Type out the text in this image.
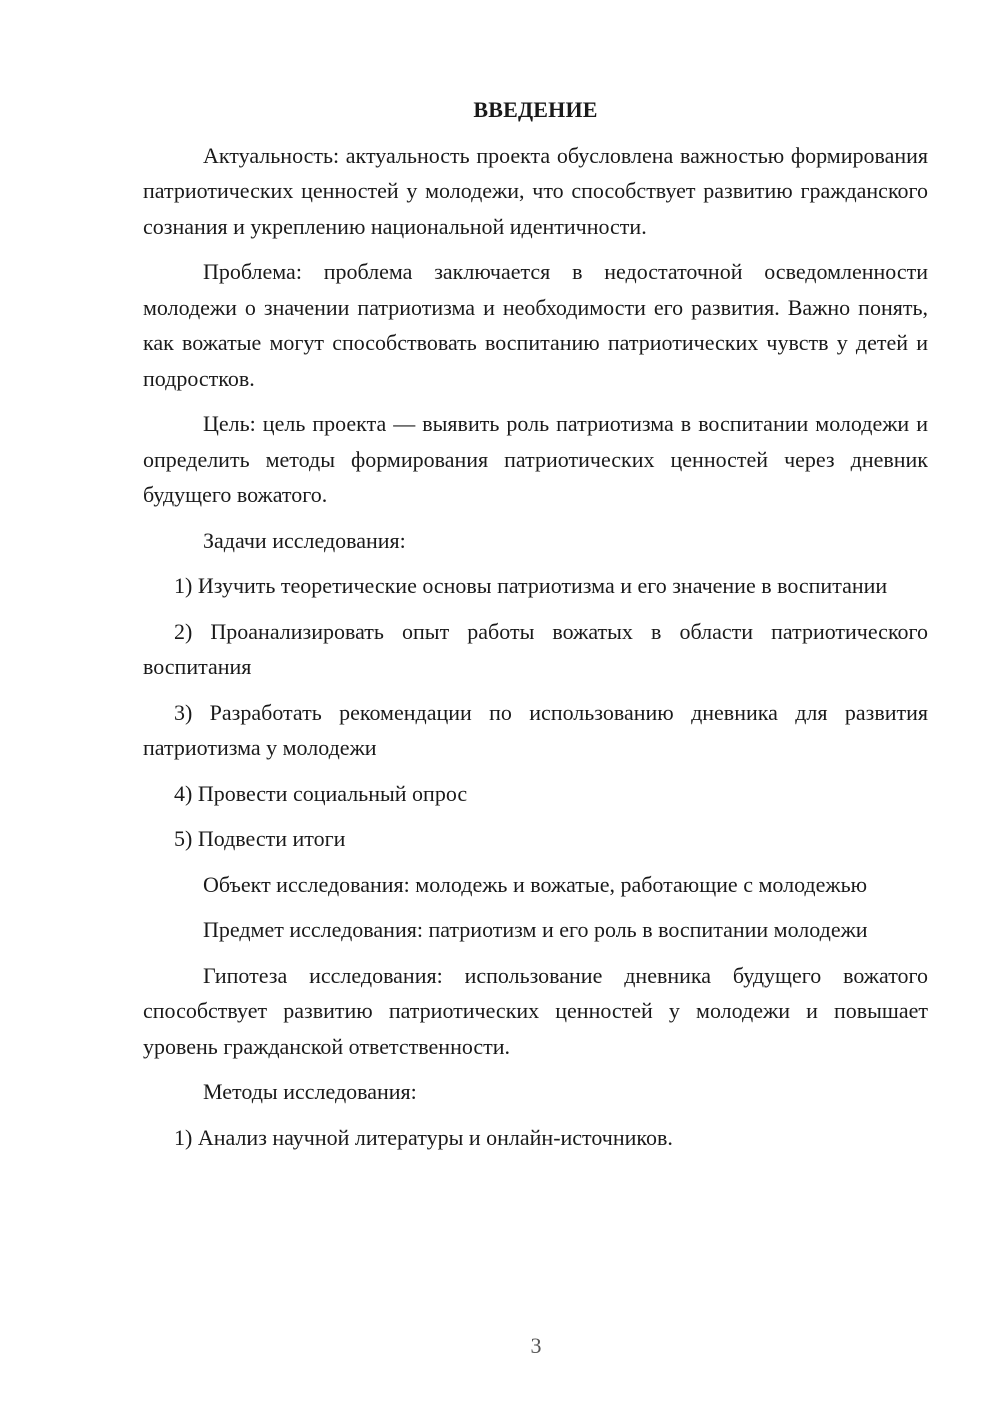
ВВЕДЕНИЕ
Актуальность: актуальность проекта обусловлена важностью формирования патриотических ценностей у молодежи, что способствует развитию гражданского сознания и укреплению национальной идентичности.
Проблема: проблема заключается в недостаточной осведомленности молодежи о значении патриотизма и необходимости его развития. Важно понять, как вожатые могут способствовать воспитанию патриотических чувств у детей и подростков.
Цель: цель проекта — выявить роль патриотизма в воспитании молодежи и определить методы формирования патриотических ценностей через дневник будущего вожатого.
Задачи исследования:
1) Изучить теоретические основы патриотизма и его значение в воспитании
2) Проанализировать опыт работы вожатых в области патриотического воспитания
3) Разработать рекомендации по использованию дневника для развития патриотизма у молодежи
4) Провести социальный опрос
5) Подвести итоги
Объект исследования: молодежь и вожатые, работающие с молодежью
Предмет исследования: патриотизм и его роль в воспитании молодежи
Гипотеза исследования: использование дневника будущего вожатого способствует развитию патриотических ценностей у молодежи и повышает уровень гражданской ответственности.
Методы исследования:
1) Анализ научной литературы и онлайн-источников.
3
